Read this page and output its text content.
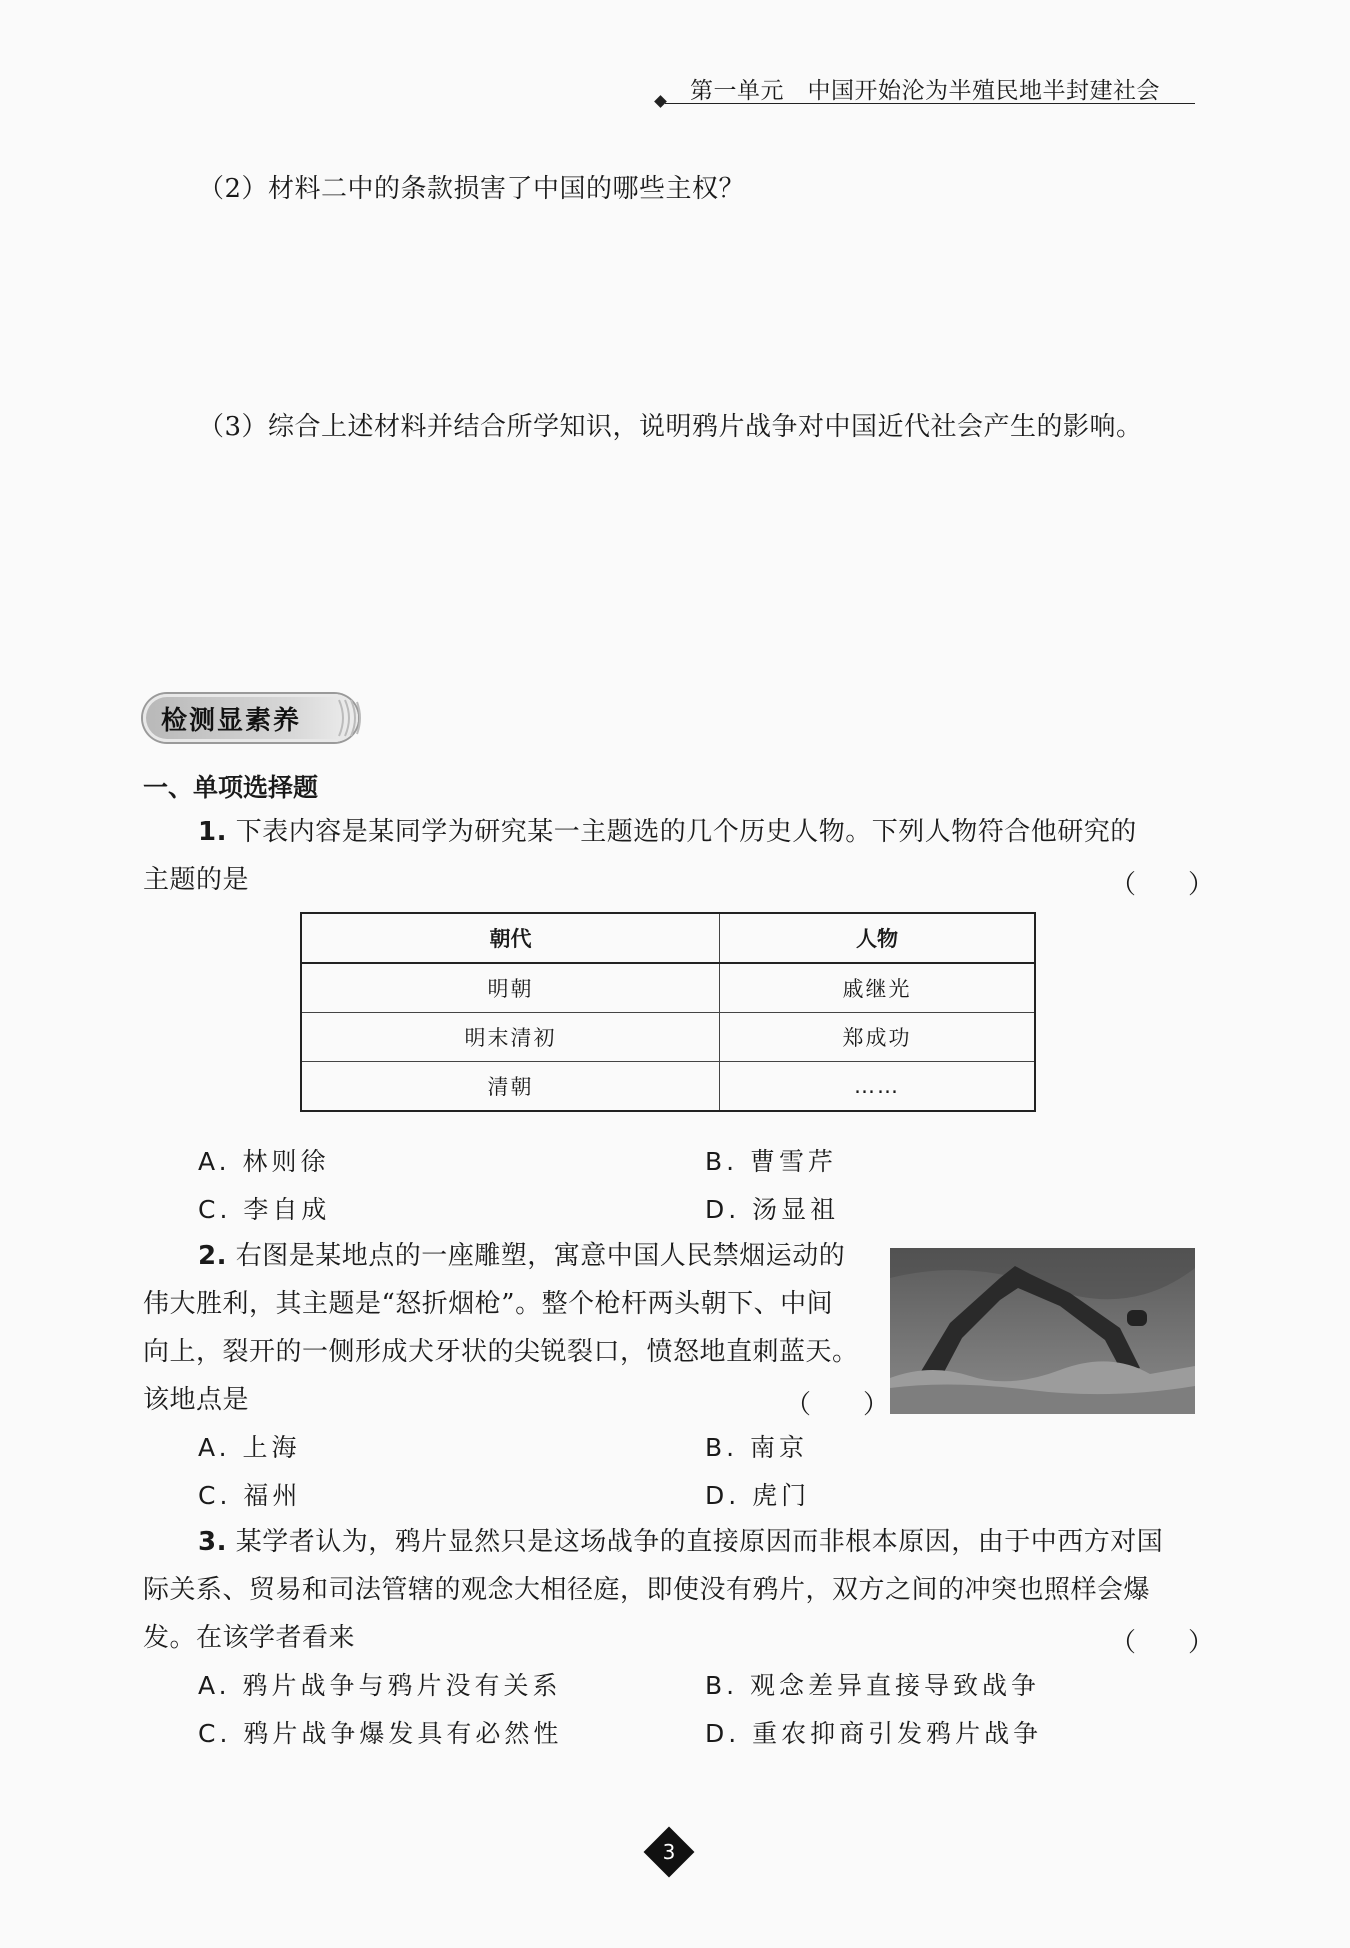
第一单元　中国开始沦为半殖民地半封建社会
（2）材料二中的条款损害了中国的哪些主权？
（3）综合上述材料并结合所学知识，说明鸦片战争对中国近代社会产生的影响。
检测显素养
一、单项选择题
1. 下表内容是某同学为研究某一主题选的几个历史人物。下列人物符合他研究的
主题的是	（　　）
朝代	人物
明朝	戚继光
明末清初	郑成功
清朝	……
A. 林则徐	B. 曹雪芹
C. 李自成	D. 汤显祖
2. 右图是某地点的一座雕塑，寓意中国人民禁烟运动的
伟大胜利，其主题是“怒折烟枪”。整个枪杆两头朝下、中间
向上，裂开的一侧形成犬牙状的尖锐裂口，愤怒地直刺蓝天。
该地点是	（　　）
A. 上海	B. 南京
C. 福州	D. 虎门
3. 某学者认为，鸦片显然只是这场战争的直接原因而非根本原因，由于中西方对国
际关系、贸易和司法管辖的观念大相径庭，即使没有鸦片，双方之间的冲突也照样会爆
发。在该学者看来	（　　）
A. 鸦片战争与鸦片没有关系	B. 观念差异直接导致战争
C. 鸦片战争爆发具有必然性	D. 重农抑商引发鸦片战争
3
